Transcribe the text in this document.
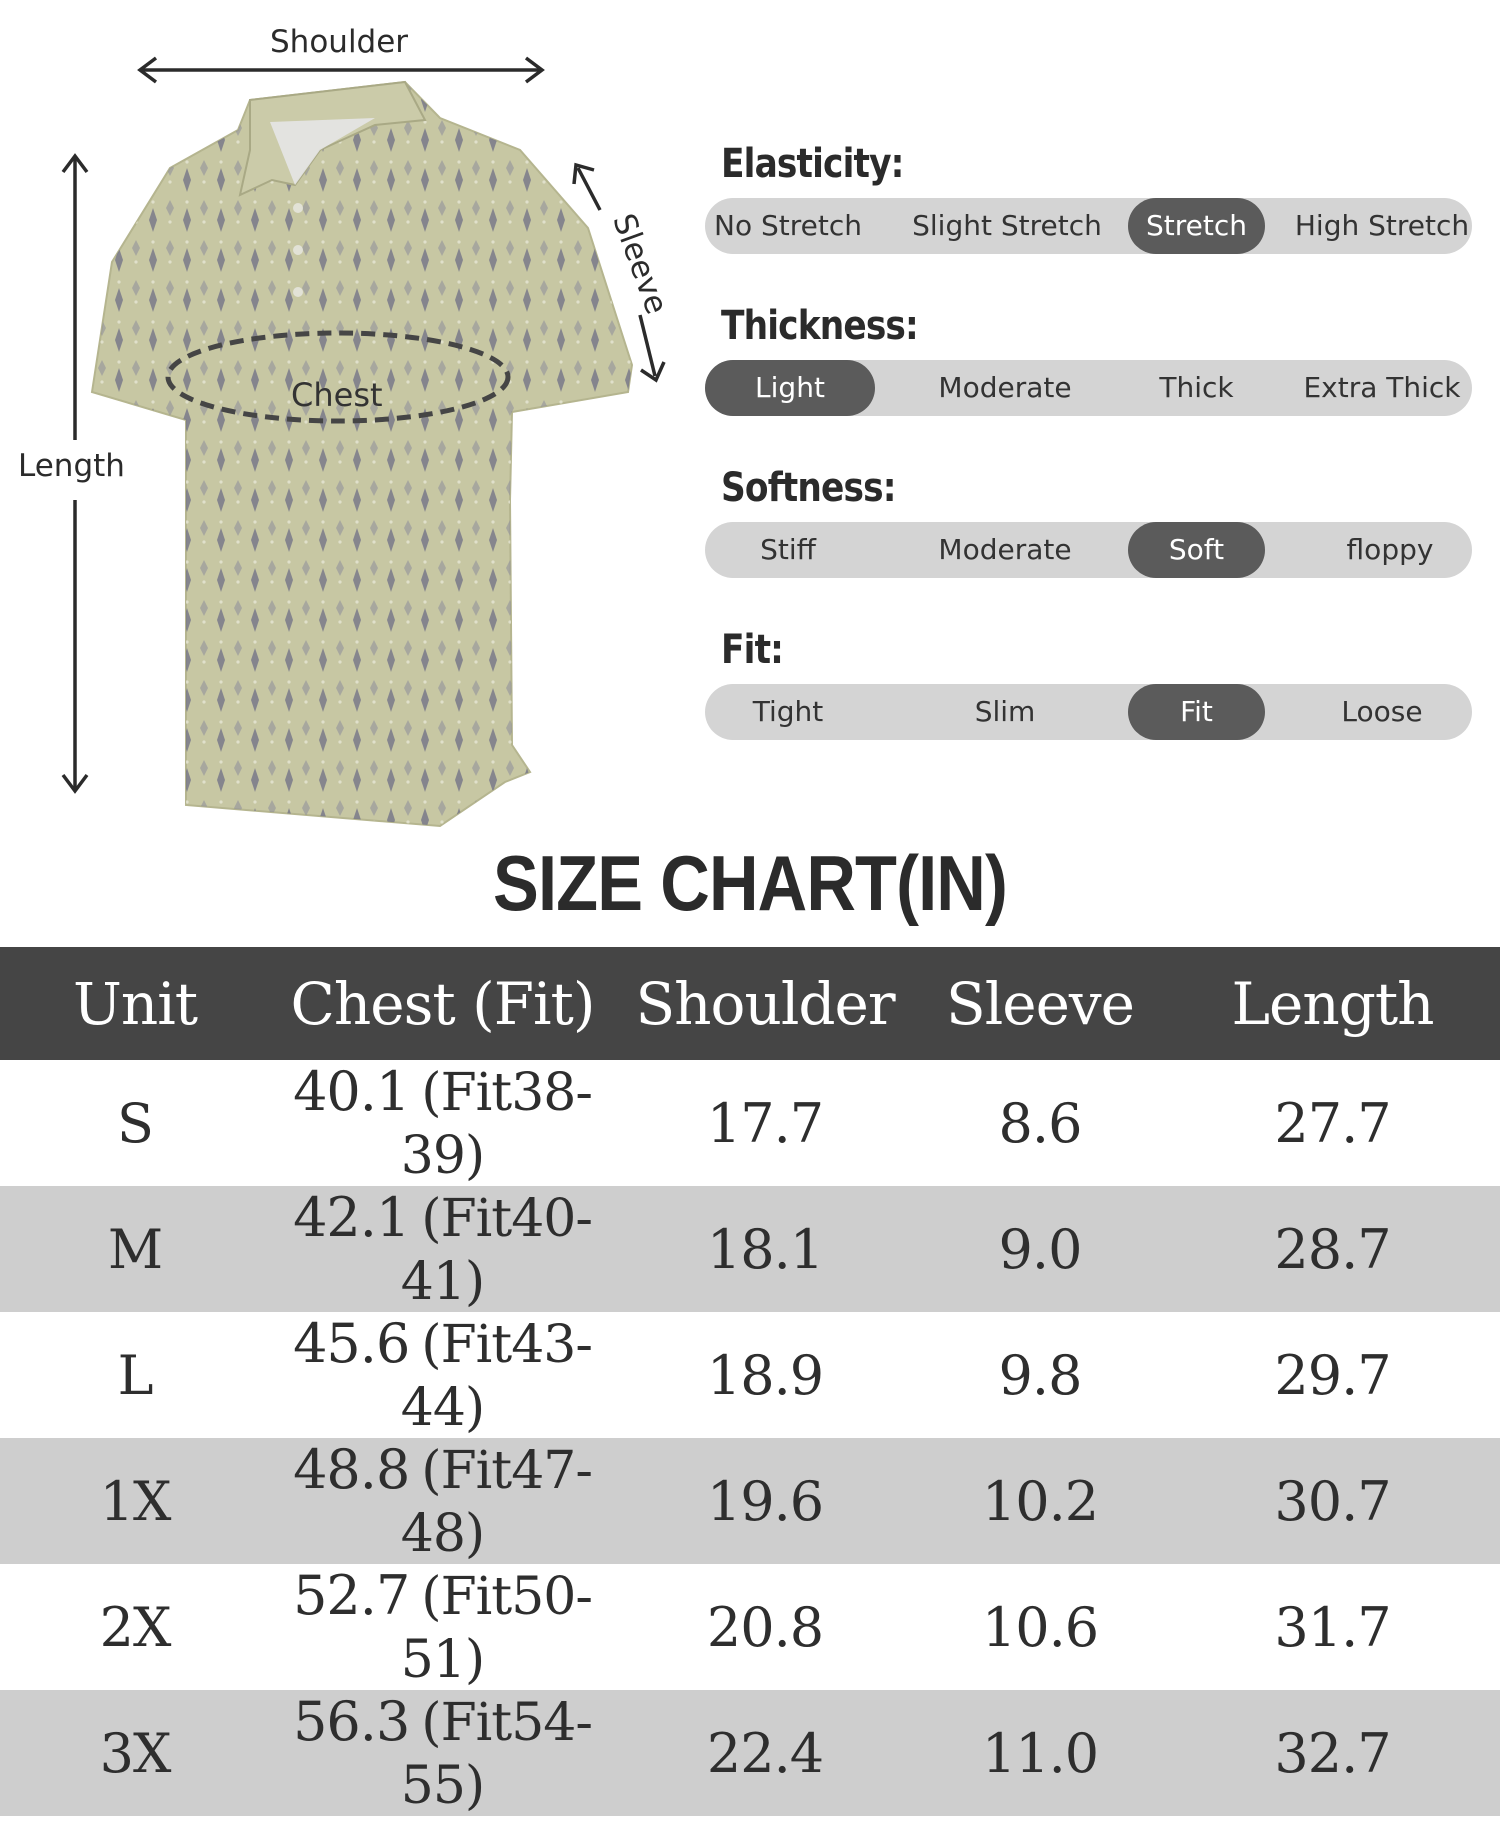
Shoulder
Length
Sleeve
Chest
Elasticity:
No Stretch	Slight Stretch	Stretch	High Stretch
Thickness:
Light	Moderate	Thick	Extra Thick
Softness:
Stiff	Moderate	Soft	floppy
Fit:
Tight	Slim	Fit	Loose
SIZE CHART(IN)
Unit	Chest (Fit)	Shoulder	Sleeve	Length
S	40.1 (Fit38-39)	17.7	8.6	27.7
M	42.1 (Fit40-41)	18.1	9.0	28.7
L	45.6 (Fit43-44)	18.9	9.8	29.7
1X	48.8 (Fit47-48)	19.6	10.2	30.7
2X	52.7 (Fit50-51)	20.8	10.6	31.7
3X	56.3 (Fit54-55)	22.4	11.0	32.7
